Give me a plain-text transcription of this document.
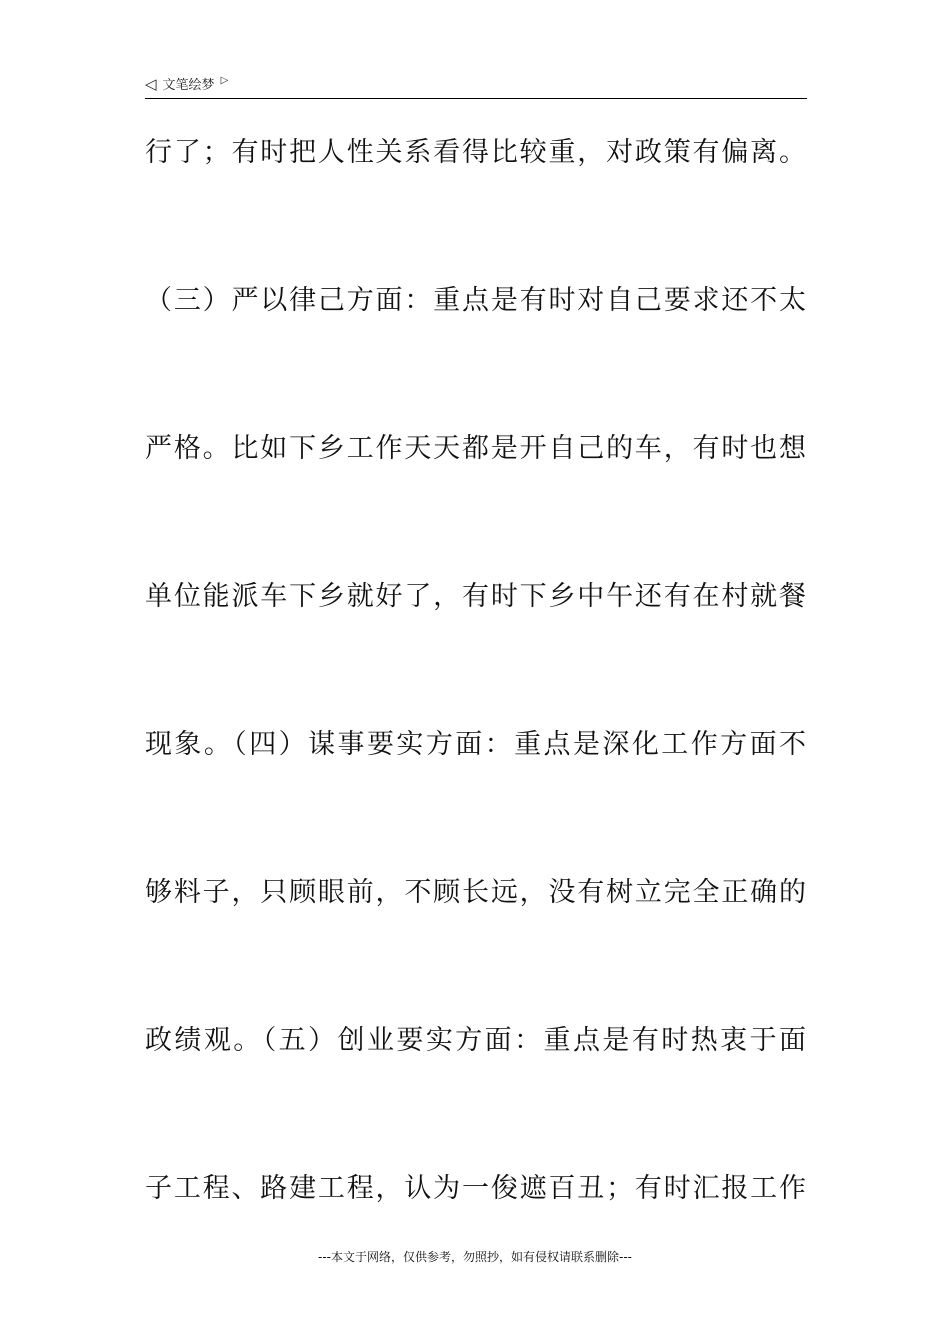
◁ 文笔绘梦 ▷
行了；有时把人性关系看得比较重，对政策有偏离。
（三）严以律己方面：重点是有时对自己要求还不太
严格。比如下乡工作天天都是开自己的车，有时也想
单位能派车下乡就好了，有时下乡中午还有在村就餐
现象。（四）谋事要实方面：重点是深化工作方面不
够料子，只顾眼前，不顾长远，没有树立完全正确的
政绩观。（五）创业要实方面：重点是有时热衷于面
子工程、路建工程，认为一俊遮百丑；有时汇报工作
---本文于网络，仅供参考，勿照抄，如有侵权请联系删除---
